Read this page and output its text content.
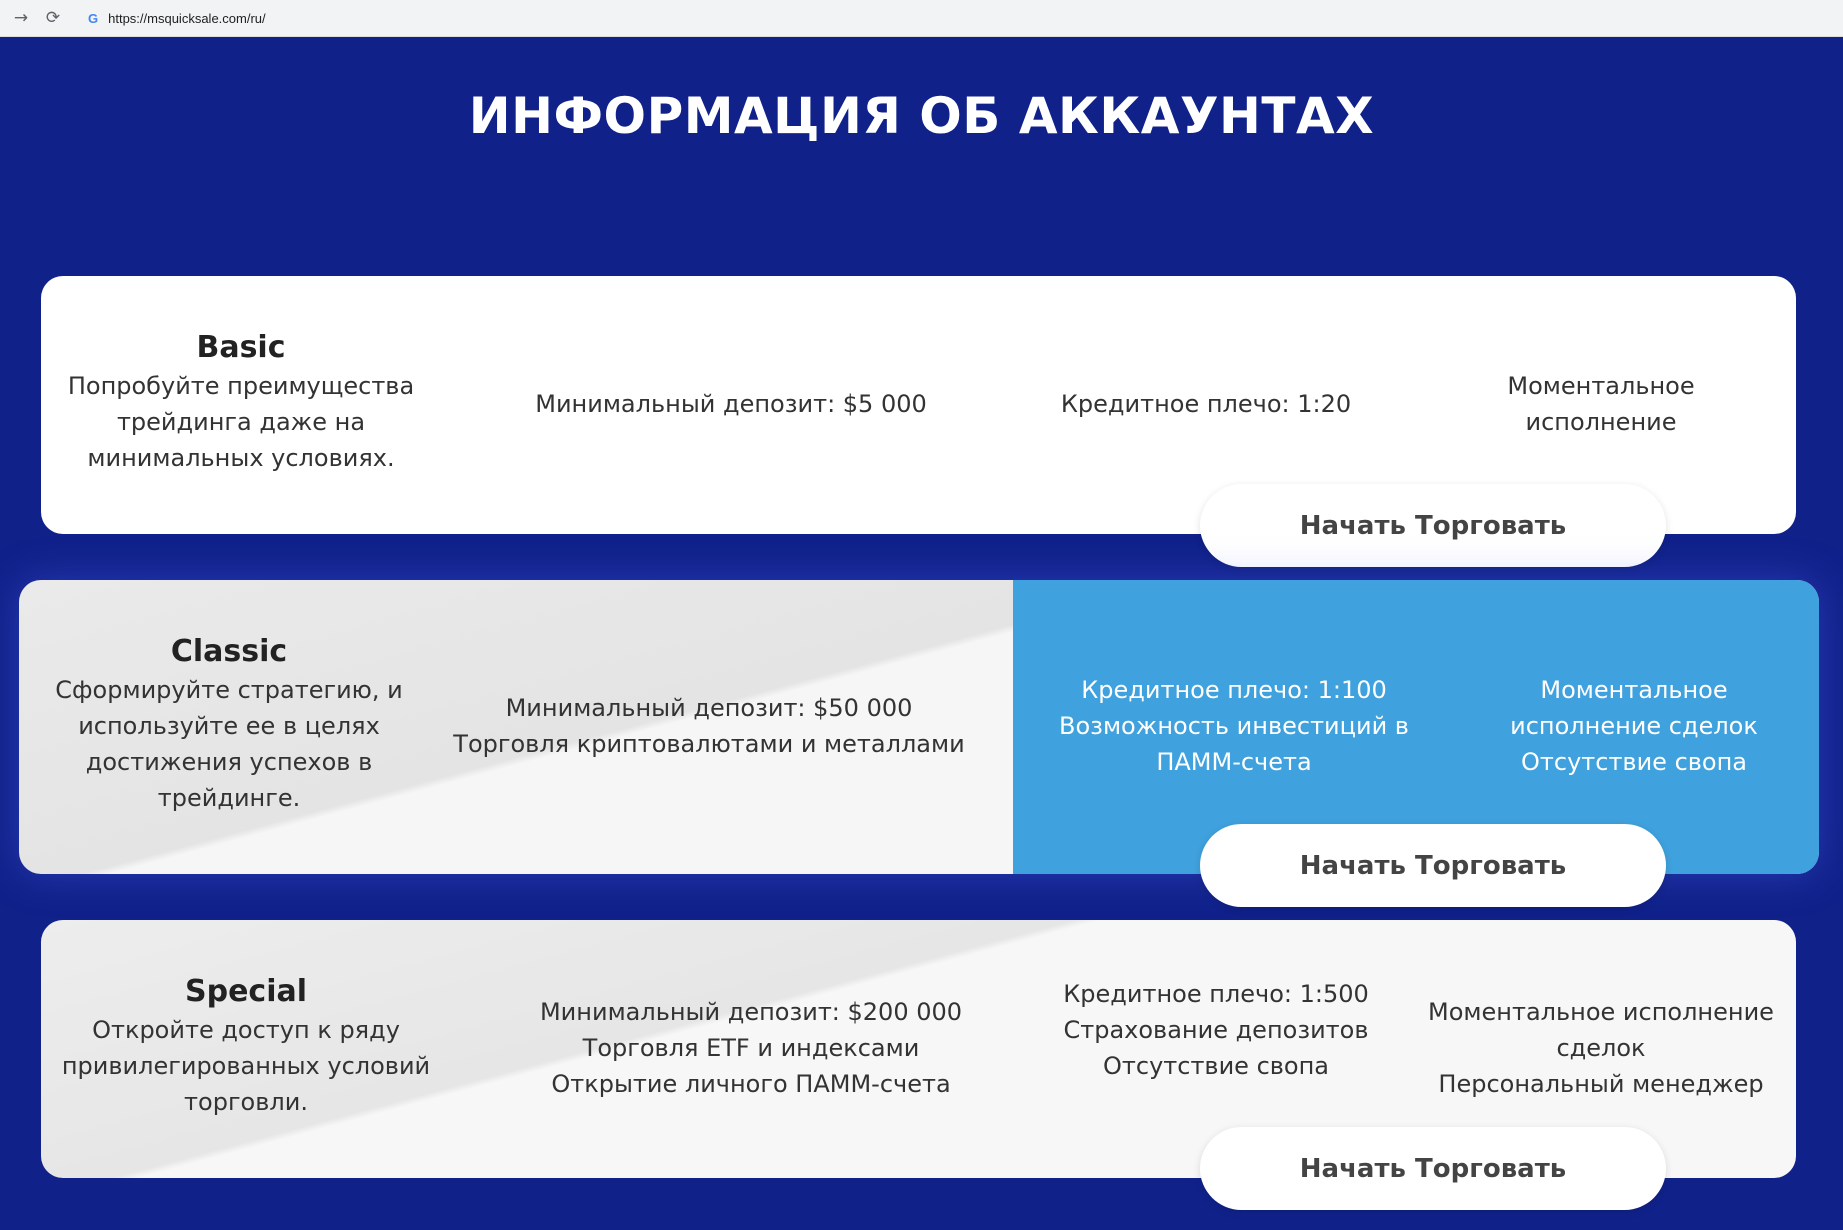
→ ⟳ G https://msquicksale.com/ru/
ИНФОРМАЦИЯ ОБ АККАУНТАХ
Basic
Попробуйте преимущества трейдинга даже на минимальных условиях.
Минимальный депозит: $5 000	Кредитное плечо: 1:20
Моментальное исполнение
Начать Торговать
Classic
Сформируйте стратегию, и используйте ее в целях достижения успехов в трейдинге.
Минимальный депозит: $50 000
Торговля криптовалютами и металлами
Кредитное плечо: 1:100
Возможность инвестиций в ПАММ-счета
Моментальное исполнение сделок
Отсутствие свопа
Начать Торговать
Special
Откройте доступ к ряду привилегированных условий торговли.
Минимальный депозит: $200 000
Торговля ETF и индексами
Открытие личного ПАММ-счета
Кредитное плечо: 1:500
Страхование депозитов
Отсутствие свопа
Моментальное исполнение сделок
Персональный менеджер
Начать Торговать
